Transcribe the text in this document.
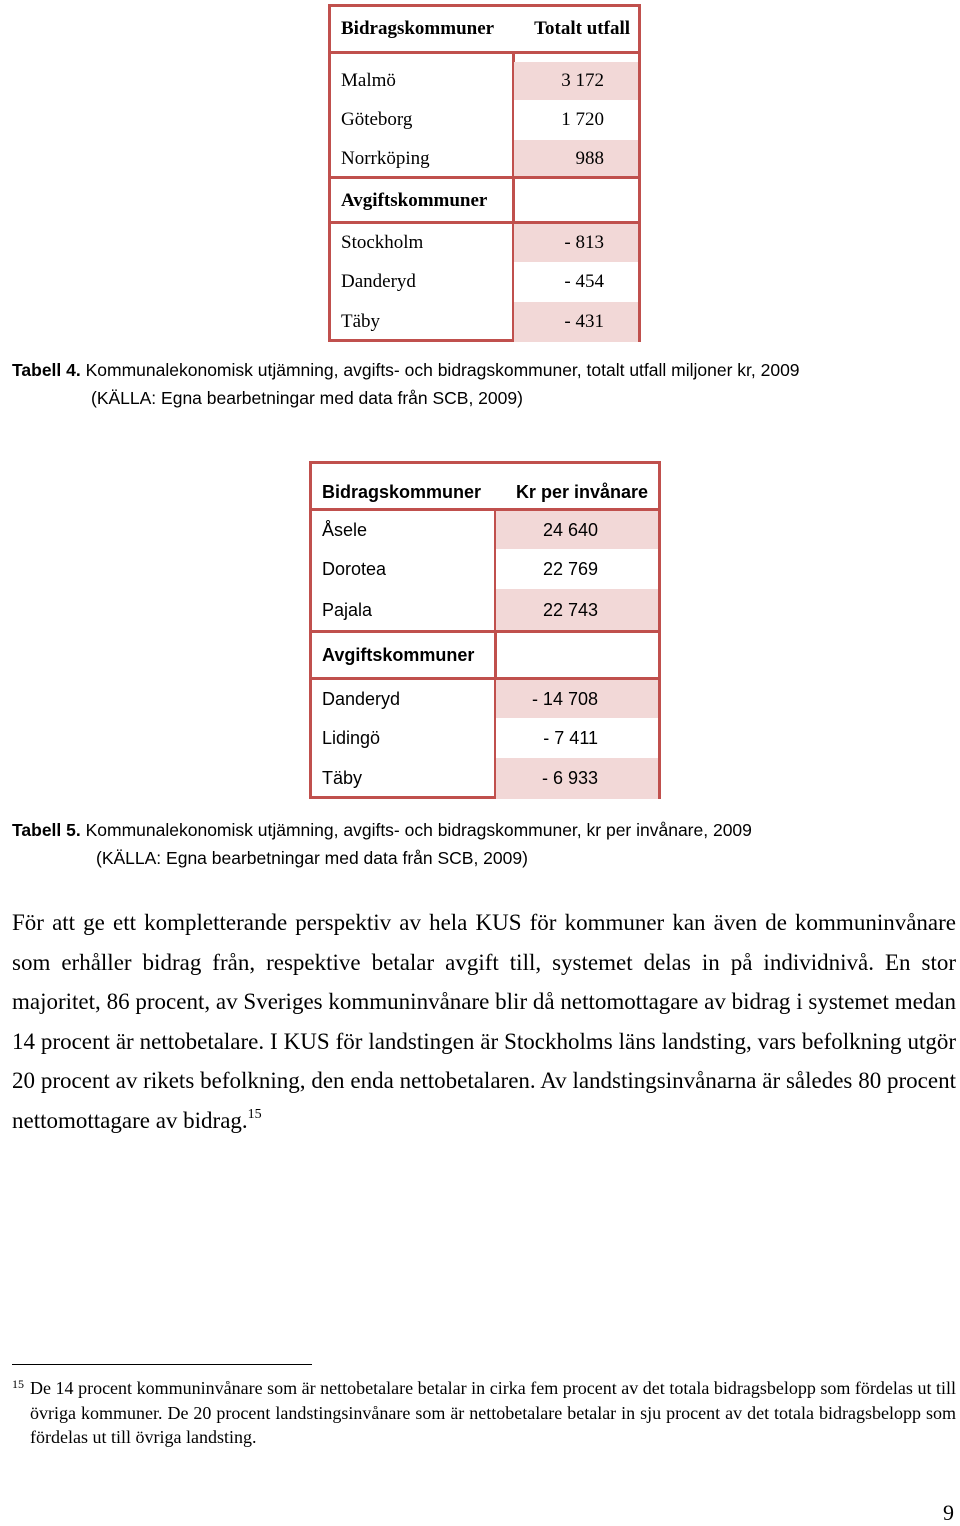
Bidragskommuner Totalt utfall
Malmö	3 172
Göteborg	1 720
Norrköping	988
Avgiftskommuner
Stockholm	- 813
Danderyd	- 454
Täby	- 431
Tabell 4. Kommunalekonomisk utjämning, avgifts- och bidragskommuner, totalt utfall miljoner kr, 2009
(KÄLLA: Egna bearbetningar med data från SCB, 2009)
Bidragskommuner Kr per invånare
Åsele	24 640
Dorotea	22 769
Pajala	22 743
Avgiftskommuner
Danderyd	- 14 708
Lidingö	- 7 411
Täby	- 6 933
Tabell 5. Kommunalekonomisk utjämning, avgifts- och bidragskommuner, kr per invånare, 2009
(KÄLLA: Egna bearbetningar med data från SCB, 2009)
För att ge ett kompletterande perspektiv av hela KUS för kommuner kan även de kommuninvånare som erhåller bidrag från, respektive betalar avgift till, systemet delas in på individnivå. En stor majoritet, 86 procent, av Sveriges kommuninvånare blir då nettomottagare av bidrag i systemet medan 14 procent är nettobetalare. I KUS för landstingen är Stockholms läns landsting, vars befolkning utgör 20 procent av rikets befolkning, den enda nettobetalaren. Av landstingsinvånarna är således 80 procent nettomottagare av bidrag.$^{15}$
15 De 14 procent kommuninvånare som är nettobetalare betalar in cirka fem procent av det totala bidragsbelopp som fördelas ut till övriga kommuner. De 20 procent landstingsinvånare som är nettobetalare betalar in sju procent av det totala bidragsbelopp som fördelas ut till övriga landsting.
9
